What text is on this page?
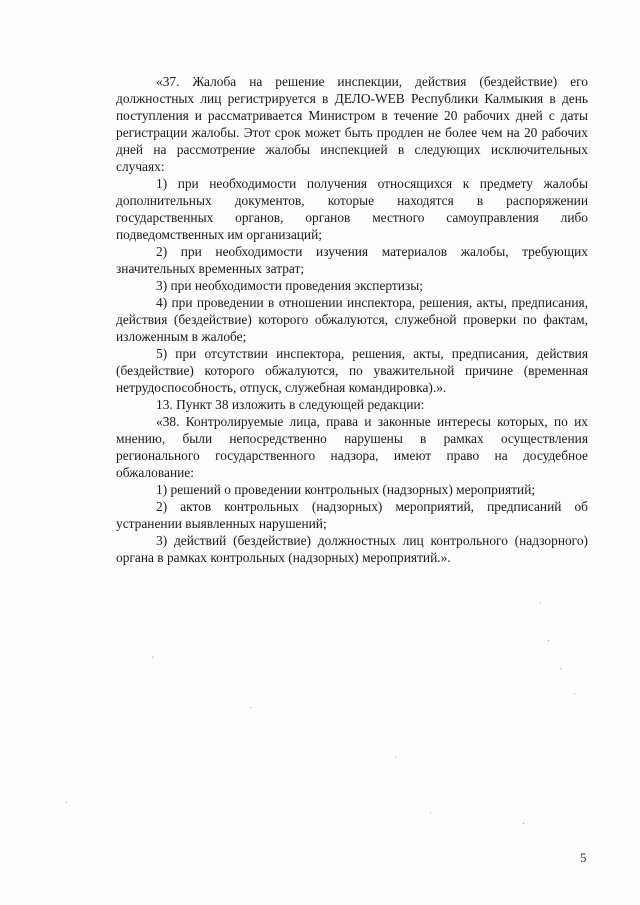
«37. Жалоба на решение инспекции, действия (бездействие) его должностных лиц регистрируется в ДЕЛО-WEB Республики Калмыкия в день поступления и рассматривается Министром в течение 20 рабочих дней с даты регистрации жалобы. Этот срок может быть продлен не более чем на 20 рабочих дней на рассмотрение жалобы инспекцией в следующих исключительных случаях:

1) при необходимости получения относящихся к предмету жалобы дополнительных документов, которые находятся в распоряжении государственных органов, органов местного самоуправления либо подведомственных им организаций;

2) при необходимости изучения материалов жалобы, требующих значительных временных затрат;

3) при необходимости проведения экспертизы;

4) при проведении в отношении инспектора, решения, акты, предписания, действия (бездействие) которого обжалуются, служебной проверки по фактам, изложенным в жалобе;

5) при отсутствии инспектора, решения, акты, предписания, действия (бездействие) которого обжалуются, по уважительной причине (временная нетрудоспособность, отпуск, служебная командировка).».

13. Пункт 38 изложить в следующей редакции:

«38. Контролируемые лица, права и законные интересы которых, по их мнению, были непосредственно нарушены в рамках осуществления регионального государственного надзора, имеют право на досудебное обжалование:

1) решений о проведении контрольных (надзорных) мероприятий;

2) актов контрольных (надзорных) мероприятий, предписаний об устранении выявленных нарушений;

3) действий (бездействие) должностных лиц контрольного (надзорного) органа в рамках контрольных (надзорных) мероприятий.».

5
